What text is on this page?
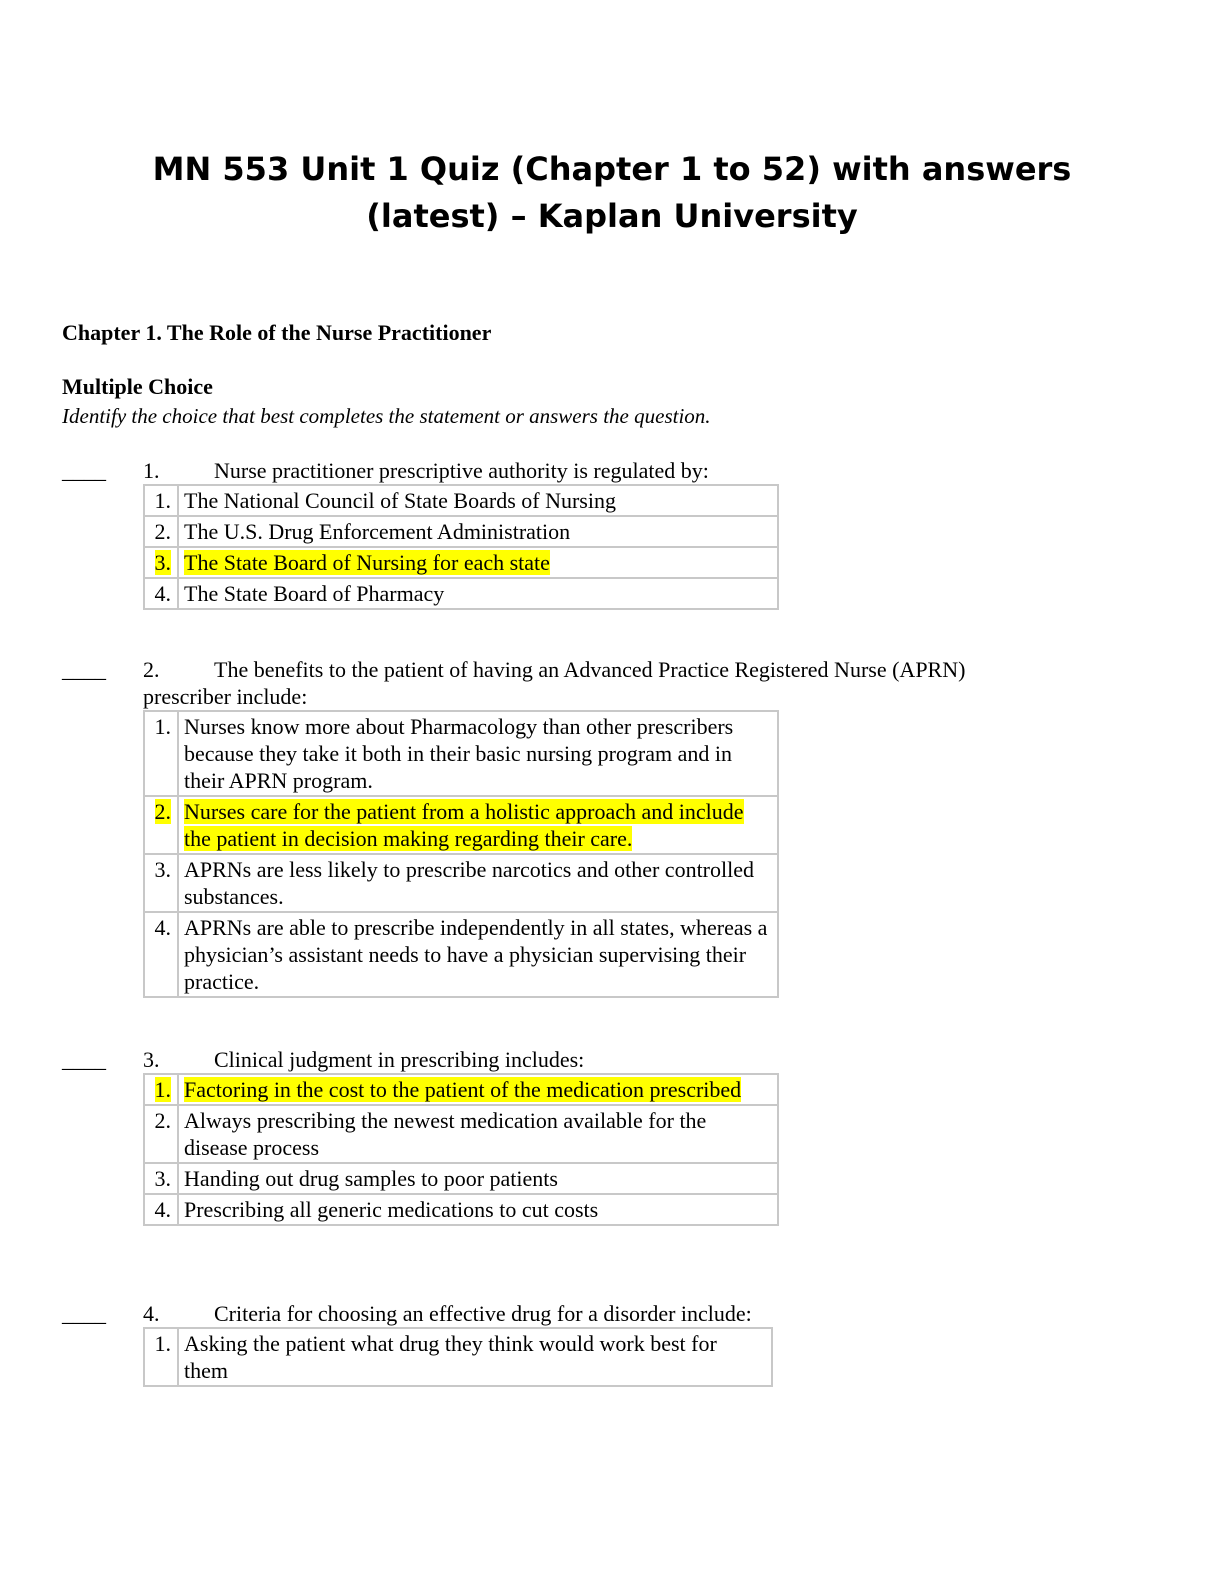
MN 553 Unit 1 Quiz (Chapter 1 to 52) with answers
(latest) – Kaplan University
Chapter 1. The Role of the Nurse Practitioner
Multiple Choice
Identify the choice that best completes the statement or answers the question.
____ 1. Nurse practitioner prescriptive authority is regulated by:
1.	The National Council of State Boards of Nursing
2.	The U.S. Drug Enforcement Administration
3.	The State Board of Nursing for each state
4.	The State Board of Pharmacy
____ 2. The benefits to the patient of having an Advanced Practice Registered Nurse (APRN)
prescriber include:
1.	Nurses know more about Pharmacology than other prescribers because they take it both in their basic nursing program and in their APRN program.
2.	Nurses care for the patient from a holistic approach and include the patient in decision making regarding their care.
3.	APRNs are less likely to prescribe narcotics and other controlled substances.
4.	APRNs are able to prescribe independently in all states, whereas a physician’s assistant needs to have a physician supervising their practice.
____ 3. Clinical judgment in prescribing includes:
1.	Factoring in the cost to the patient of the medication prescribed
2.	Always prescribing the newest medication available for the disease process
3.	Handing out drug samples to poor patients
4.	Prescribing all generic medications to cut costs
____ 4. Criteria for choosing an effective drug for a disorder include:
1.	Asking the patient what drug they think would work best for them
